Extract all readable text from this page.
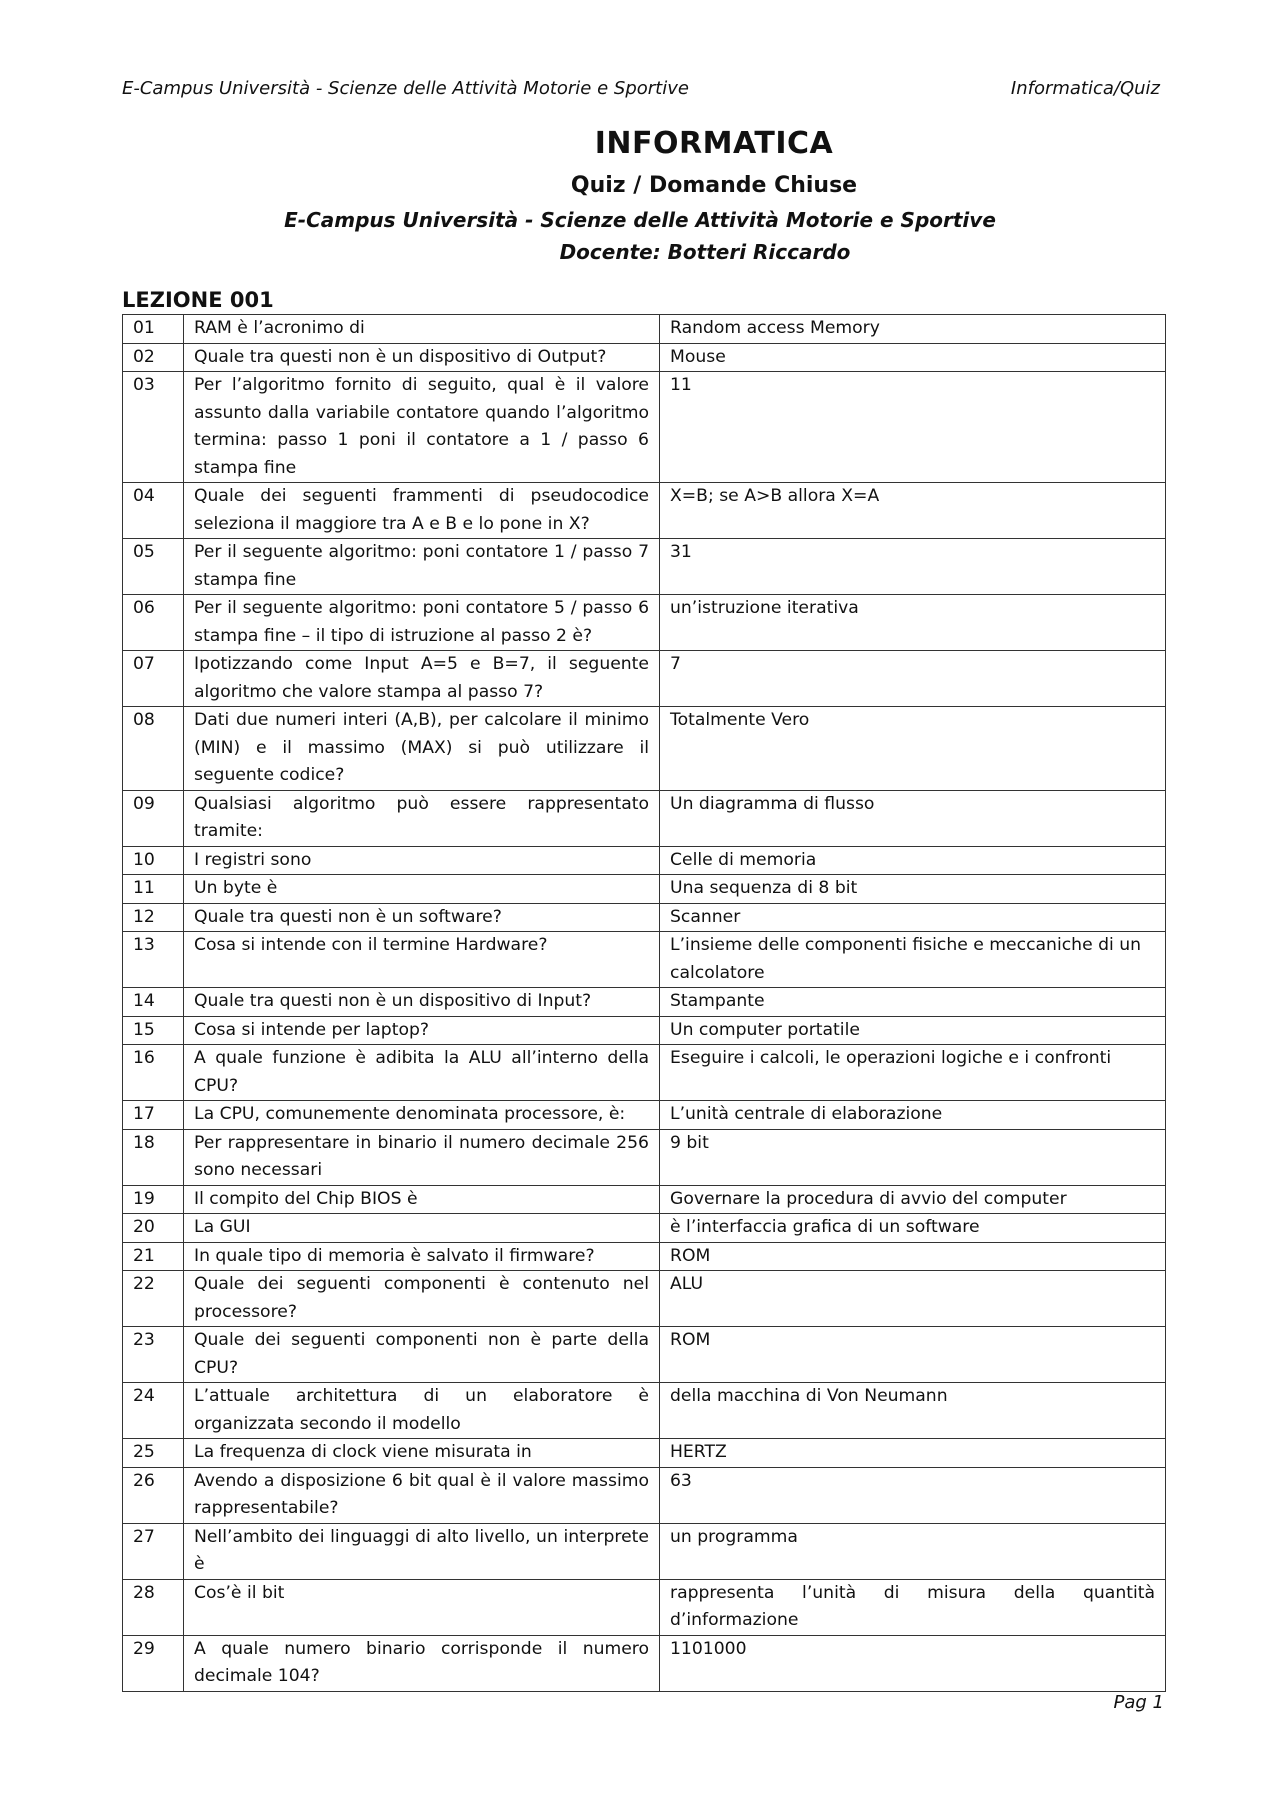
E-Campus Università - Scienze delle Attività Motorie e Sportive	Informatica/Quiz
INFORMATICA
Quiz / Domande Chiuse
E-Campus Università - Scienze delle Attività Motorie e Sportive
Docente: Botteri Riccardo
LEZIONE 001
01	RAM è l’acronimo di	Random access Memory
02	Quale tra questi non è un dispositivo di Output?	Mouse
03	Per l’algoritmo fornito di seguito, qual è il valore assunto dalla variabile contatore quando l’algoritmo termina: passo 1 poni il contatore a 1 / passo 6 stampa fine	11
04	Quale dei seguenti frammenti di pseudocodice seleziona il maggiore tra A e B e lo pone in X?	X=B; se A>B allora X=A
05	Per il seguente algoritmo: poni contatore 1 / passo 7 stampa fine	31
06	Per il seguente algoritmo: poni contatore 5 / passo 6 stampa fine – il tipo di istruzione al passo 2 è?	un’istruzione iterativa
07	Ipotizzando come Input A=5 e B=7, il seguente algoritmo che valore stampa al passo 7?	7
08	Dati due numeri interi (A,B), per calcolare il minimo (MIN) e il massimo (MAX) si può utilizzare il seguente codice?	Totalmente Vero
09	Qualsiasi algoritmo può essere rappresentato tramite:	Un diagramma di flusso
10	I registri sono	Celle di memoria
11	Un byte è	Una sequenza di 8 bit
12	Quale tra questi non è un software?	Scanner
13	Cosa si intende con il termine Hardware?	L’insieme delle componenti fisiche e meccaniche di un calcolatore
14	Quale tra questi non è un dispositivo di Input?	Stampante
15	Cosa si intende per laptop?	Un computer portatile
16	A quale funzione è adibita la ALU all’interno della CPU?	Eseguire i calcoli, le operazioni logiche e i confronti
17	La CPU, comunemente denominata processore, è:	L’unità centrale di elaborazione
18	Per rappresentare in binario il numero decimale 256 sono necessari	9 bit
19	Il compito del Chip BIOS è	Governare la procedura di avvio del computer
20	La GUI	è l’interfaccia grafica di un software
21	In quale tipo di memoria è salvato il firmware?	ROM
22	Quale dei seguenti componenti è contenuto nel processore?	ALU
23	Quale dei seguenti componenti non è parte della CPU?	ROM
24	L’attuale architettura di un elaboratore è organizzata secondo il modello	della macchina di Von Neumann
25	La frequenza di clock viene misurata in	HERTZ
26	Avendo a disposizione 6 bit qual è il valore massimo rappresentabile?	63
27	Nell’ambito dei linguaggi di alto livello, un interprete è	un programma
28	Cos’è il bit	rappresenta l’unità di misura della quantità d’informazione
29	A quale numero binario corrisponde il numero decimale 104?	1101000
Pag 1
